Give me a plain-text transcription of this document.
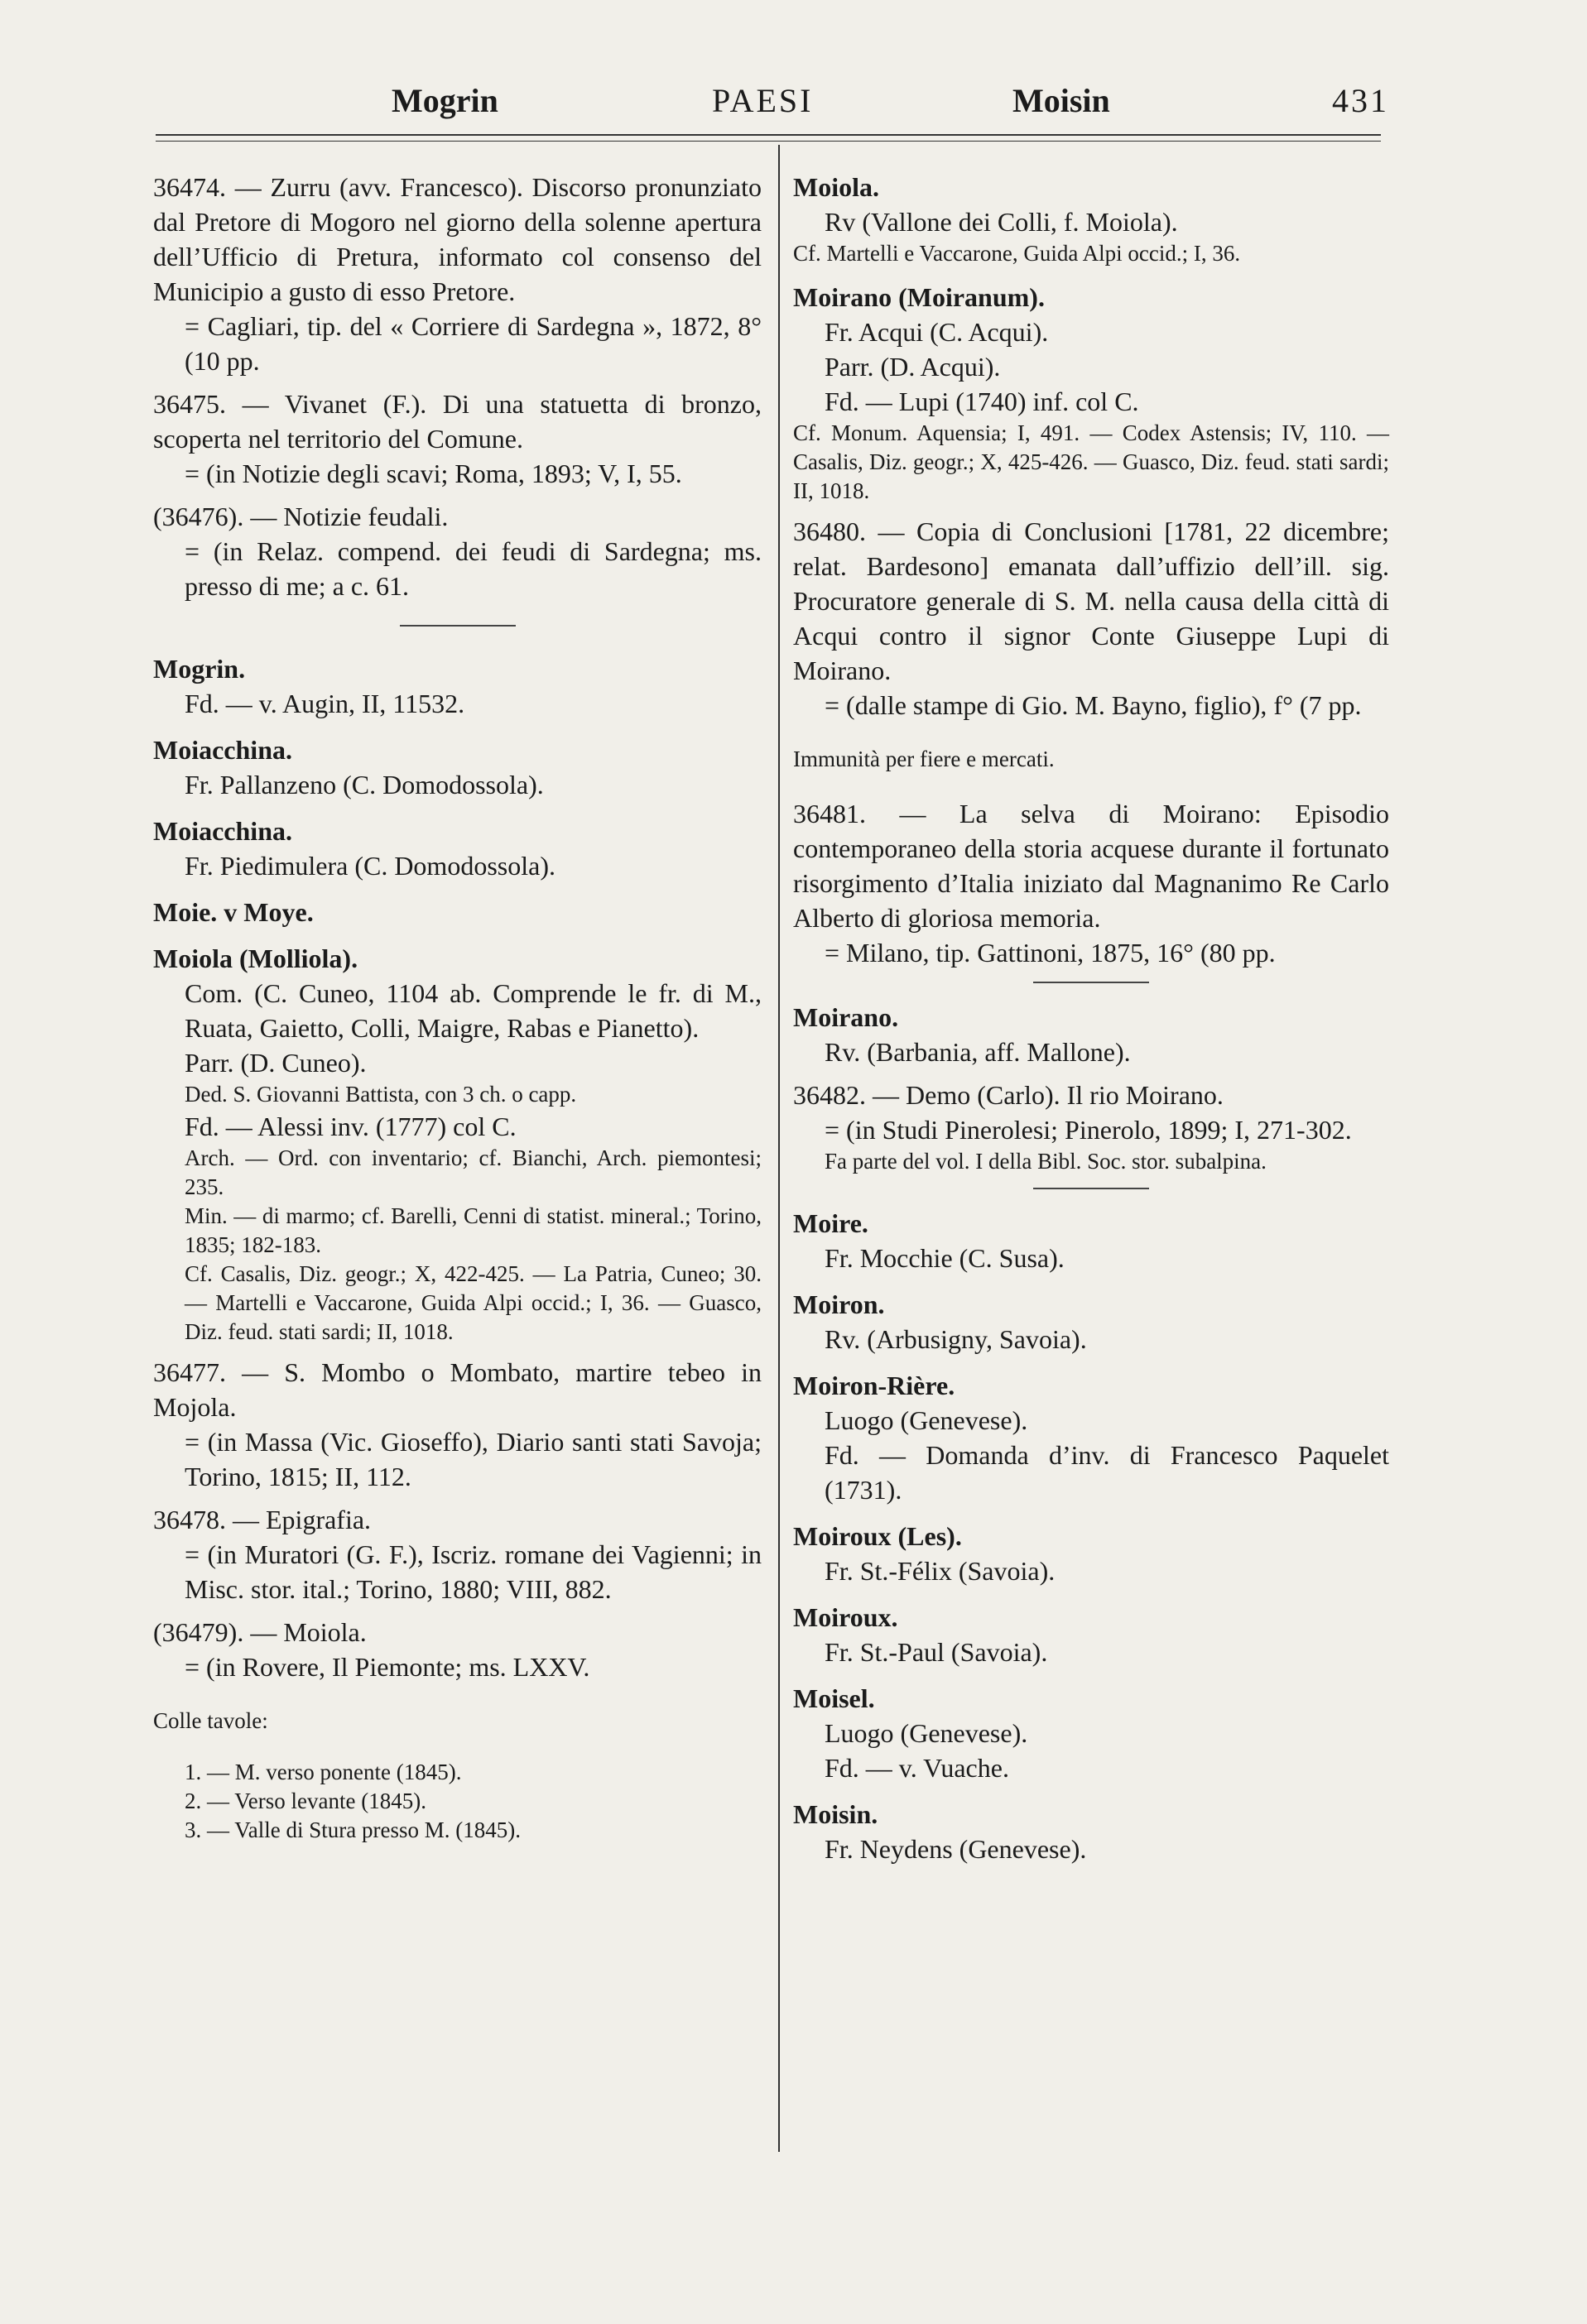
Mogrin	PAESI	Moisin	431

36474. — Zurru (avv. Francesco). Discorso pronunziato dal Pretore di Mogoro nel giorno della solenne apertura dell’Ufficio di Pretura, informato col consenso del Municipio a gusto di esso Pretore.

= Cagliari, tip. del « Corriere di Sardegna », 1872, 8° (10 pp.

36475. — Vivanet (F.). Di una statuetta di bronzo, scoperta nel territorio del Comune.

= (in Notizie degli scavi; Roma, 1893; V, I, 55.

(36476). — Notizie feudali.

= (in Relaz. compend. dei feudi di Sardegna; ms. presso di me; a c. 61.

Mogrin.

Fd. — v. Augin, II, 11532.

Moiacchina.

Fr. Pallanzeno (C. Domodossola).

Moiacchina.

Fr. Piedimulera (C. Domodossola).

Moie. v Moye.

Moiola (Molliola).

Com. (C. Cuneo, 1104 ab. Comprende le fr. di M., Ruata, Gaietto, Colli, Maigre, Rabas e Pianetto).

Parr. (D. Cuneo).

Ded. S. Giovanni Battista, con 3 ch. o capp.

Fd. — Alessi inv. (1777) col C.

Arch. — Ord. con inventario; cf. Bianchi, Arch. piemontesi; 235.

Min. — di marmo; cf. Barelli, Cenni di statist. mineral.; Torino, 1835; 182-183.

Cf. Casalis, Diz. geogr.; X, 422-425. — La Patria, Cuneo; 30. — Martelli e Vaccarone, Guida Alpi occid.; I, 36. — Guasco, Diz. feud. stati sardi; II, 1018.

36477. — S. Mombo o Mombato, martire tebeo in Mojola.

= (in Massa (Vic. Gioseffo), Diario santi stati Savoja; Torino, 1815; II, 112.

36478. — Epigrafia.

= (in Muratori (G. F.), Iscriz. romane dei Vagienni; in Misc. stor. ital.; Torino, 1880; VIII, 882.

(36479). — Moiola.

= (in Rovere, Il Piemonte; ms. LXXV.

Colle tavole:

1. — M. verso ponente (1845).

2. — Verso levante (1845).

3. — Valle di Stura presso M. (1845).

Moiola.

Rv (Vallone dei Colli, f. Moiola).

Cf. Martelli e Vaccarone, Guida Alpi occid.; I, 36.

Moirano (Moiranum).

Fr. Acqui (C. Acqui).

Parr. (D. Acqui).

Fd. — Lupi (1740) inf. col C.

Cf. Monum. Aquensia; I, 491. — Codex Astensis; IV, 110. — Casalis, Diz. geogr.; X, 425-426. — Guasco, Diz. feud. stati sardi; II, 1018.

36480. — Copia di Conclusioni [1781, 22 dicembre; relat. Bardesono] emanata dall’uffizio dell’ill. sig. Procuratore generale di S. M. nella causa della città di Acqui contro il signor Conte Giuseppe Lupi di Moirano.

= (dalle stampe di Gio. M. Bayno, figlio), f° (7 pp.

Immunità per fiere e mercati.

36481. — La selva di Moirano: Episodio contemporaneo della storia acquese durante il fortunato risorgimento d’Italia iniziato dal Magnanimo Re Carlo Alberto di gloriosa memoria.

= Milano, tip. Gattinoni, 1875, 16° (80 pp.

Moirano.

Rv. (Barbania, aff. Mallone).

36482. — Demo (Carlo). Il rio Moirano.

= (in Studi Pinerolesi; Pinerolo, 1899; I, 271-302.

Fa parte del vol. I della Bibl. Soc. stor. subalpina.

Moire.

Fr. Mocchie (C. Susa).

Moiron.

Rv. (Arbusigny, Savoia).

Moiron-Rière.

Luogo (Genevese).

Fd. — Domanda d’inv. di Francesco Paquelet (1731).

Moiroux (Les).

Fr. St.-Félix (Savoia).

Moiroux.

Fr. St.-Paul (Savoia).

Moisel.

Luogo (Genevese).

Fd. — v. Vuache.

Moisin.

Fr. Neydens (Genevese).
